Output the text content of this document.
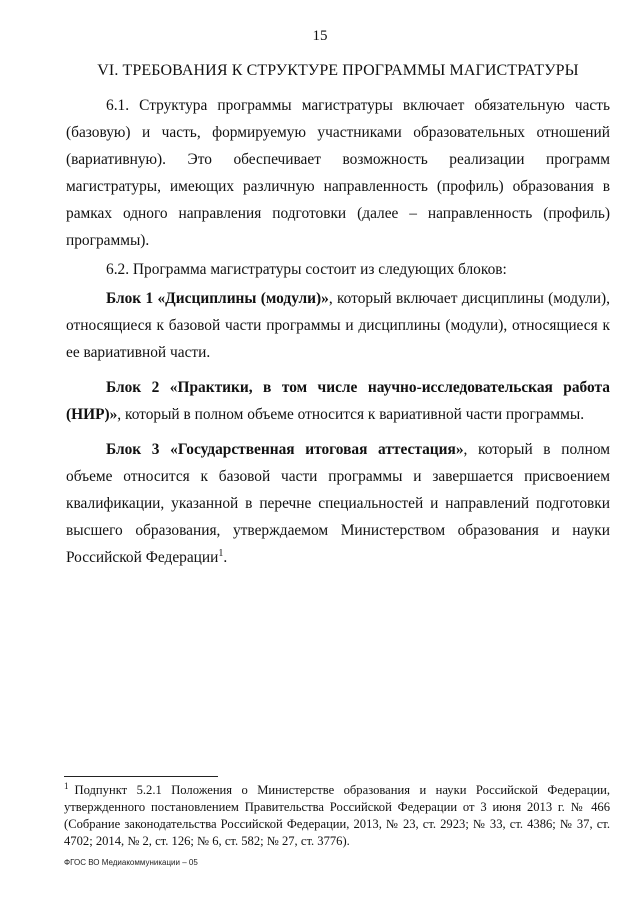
15
VI. ТРЕБОВАНИЯ К СТРУКТУРЕ ПРОГРАММЫ МАГИСТРАТУРЫ

6.1. Структура программы магистратуры включает обязательную часть (базовую) и часть, формируемую участниками образовательных отношений (вариативную). Это обеспечивает возможность реализации программ магистратуры, имеющих различную направленность (профиль) образования в рамках одного направления подготовки (далее – направленность (профиль) программы).

6.2. Программа магистратуры состоит из следующих блоков:

Блок 1 «Дисциплины (модули)», который включает дисциплины (модули), относящиеся к базовой части программы и дисциплины (модули), относящиеся к ее вариативной части.

Блок 2 «Практики, в том числе научно-исследовательская работа (НИР)», который в полном объеме относится к вариативной части программы.

Блок 3 «Государственная итоговая аттестация», который в полном объеме относится к базовой части программы и завершается присвоением квалификации, указанной в перечне специальностей и направлений подготовки высшего образования, утверждаемом Министерством образования и науки Российской Федерации$^1$.

$^1$ Подпункт 5.2.1 Положения о Министерстве образования и науки Российской Федерации, утвержденного постановлением Правительства Российской Федерации от 3 июня 2013 г. № 466 (Собрание законодательства Российской Федерации, 2013, № 23, ст. 2923; № 33, ст. 4386; № 37, ст. 4702; 2014, № 2, ст. 126; № 6, ст. 582; № 27, ст. 3776).
ФГОС ВО Медиакоммуникации – 05
